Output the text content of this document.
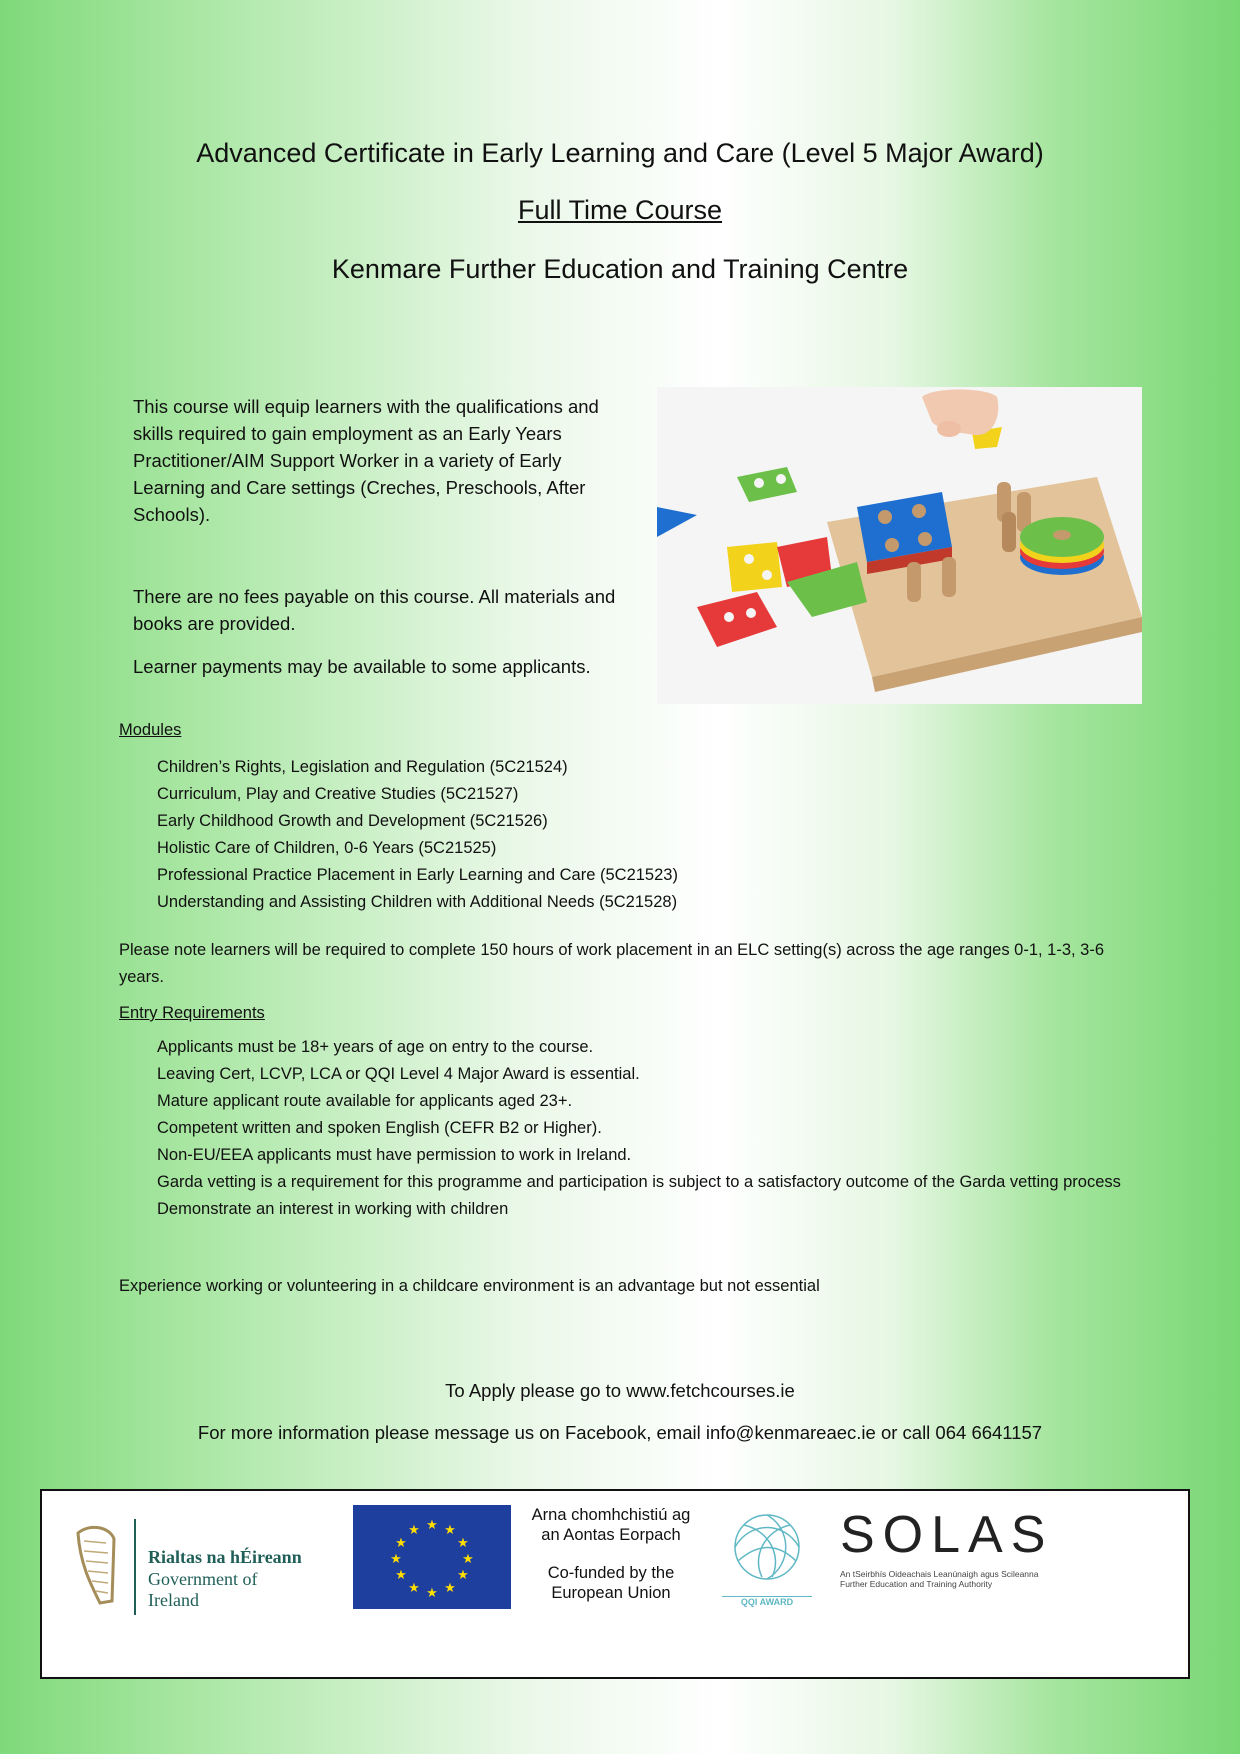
Advanced Certificate in Early Learning and Care (Level 5 Major Award)
Full Time Course
Kenmare Further Education and Training Centre

This course will equip learners with the qualifications and skills required to gain employment as an Early Years Practitioner/AIM Support Worker in a variety of Early Learning and Care settings (Creches, Preschools, After Schools).

There are no fees payable on this course. All materials and books are provided.

Learner payments may be available to some applicants.

Modules
Children’s Rights, Legislation and Regulation (5C21524)
Curriculum, Play and Creative Studies (5C21527)
Early Childhood Growth and Development (5C21526)
Holistic Care of Children, 0-6 Years (5C21525)
Professional Practice Placement in Early Learning and Care (5C21523)
Understanding and Assisting Children with Additional Needs (5C21528)
Please note learners will be required to complete 150 hours of work placement in an ELC setting(s) across the age ranges 0-1, 1-3, 3-6 years.
Entry Requirements
Applicants must be 18+ years of age on entry to the course.
Leaving Cert, LCVP, LCA or QQI Level 4 Major Award is essential.
Mature applicant route available for applicants aged 23+.
Competent written and spoken English (CEFR B2 or Higher).
Non-EU/EEA applicants must have permission to work in Ireland.
Garda vetting is a requirement for this programme and participation is subject to a satisfactory outcome of the Garda vetting process
Demonstrate an interest in working with children
Experience working or volunteering in a childcare environment is an advantage but not essential
To Apply please go to www.fetchcourses.ie
For more information please message us on Facebook, email info@kenmareaec.ie or call 064 6641157
Rialtas na hÉireann
Government of Ireland
★ ★
★
★
★
★
★
★
★
★
★
★
Arna chomhchistiú ag
an Aontas Eorpach
Co-funded by the
European Union	QQI AWARD
SOLAS
An tSeirbhís Oideachais Leanúnaigh agus Scileanna
Further Education and Training Authority
